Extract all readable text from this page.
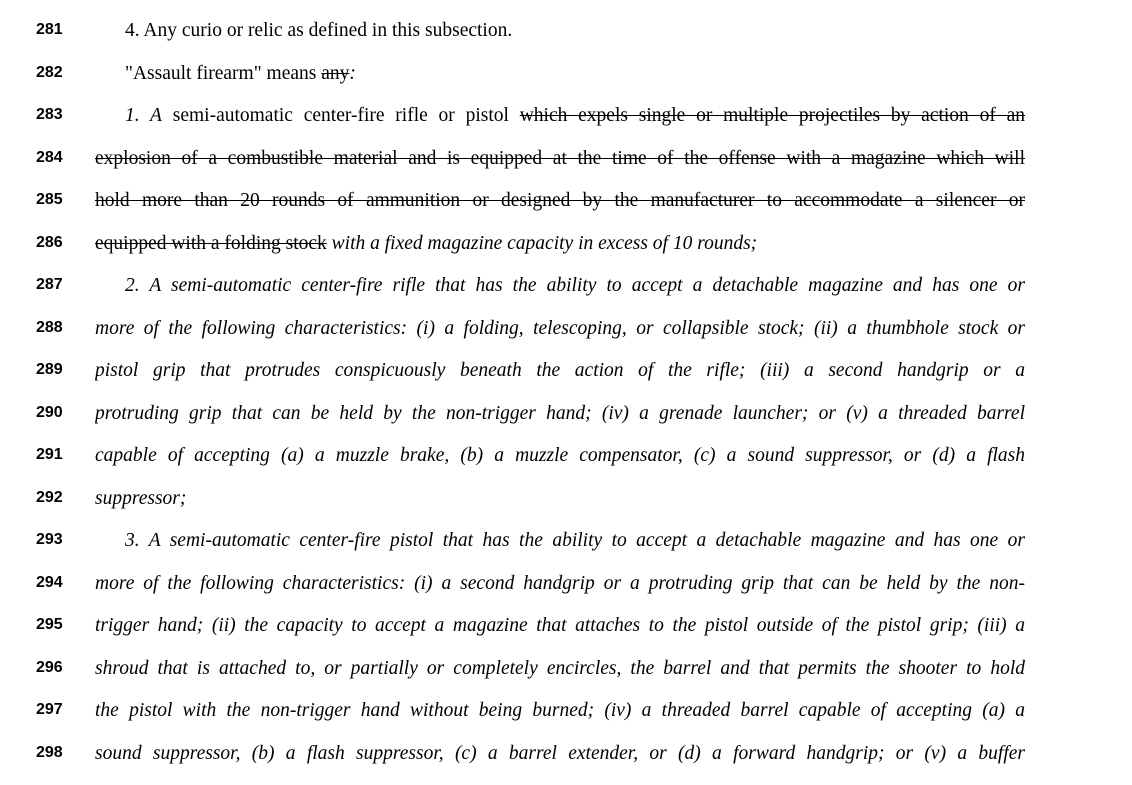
281	4. Any curio or relic as defined in this subsection.
282	"Assault firearm" means any:
283	1. A semi-automatic center-fire rifle or pistol which expels single or multiple projectiles by action of an
284	explosion of a combustible material and is equipped at the time of the offense with a magazine which will
285	hold more than 20 rounds of ammunition or designed by the manufacturer to accommodate a silencer or
286	equipped with a folding stock with a fixed magazine capacity in excess of 10 rounds;
287	2. A semi-automatic center-fire rifle that has the ability to accept a detachable magazine and has one or
288	more of the following characteristics: (i) a folding, telescoping, or collapsible stock; (ii) a thumbhole stock or
289	pistol grip that protrudes conspicuously beneath the action of the rifle; (iii) a second handgrip or a
290	protruding grip that can be held by the non-trigger hand; (iv) a grenade launcher; or (v) a threaded barrel
291	capable of accepting (a) a muzzle brake, (b) a muzzle compensator, (c) a sound suppressor, or (d) a flash
292	suppressor;
293	3. A semi-automatic center-fire pistol that has the ability to accept a detachable magazine and has one or
294	more of the following characteristics: (i) a second handgrip or a protruding grip that can be held by the non-
295	trigger hand; (ii) the capacity to accept a magazine that attaches to the pistol outside of the pistol grip; (iii) a
296	shroud that is attached to, or partially or completely encircles, the barrel and that permits the shooter to hold
297	the pistol with the non-trigger hand without being burned; (iv) a threaded barrel capable of accepting (a) a
298	sound suppressor, (b) a flash suppressor, (c) a barrel extender, or (d) a forward handgrip; or (v) a buffer
